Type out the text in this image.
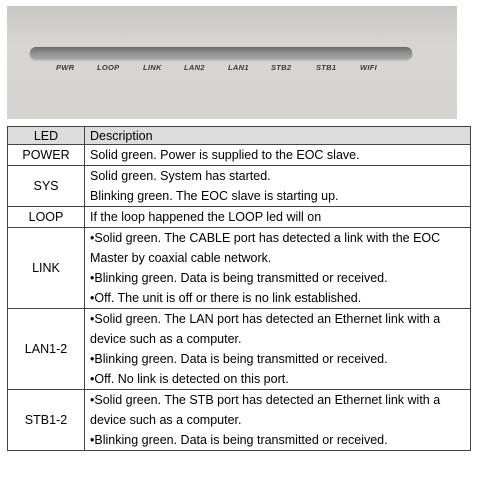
PWR	LOOP	LINK	LAN2	LAN1	STB2	STB1	WIFI
LED	Description
POWER	Solid green. Power is supplied to the EOC slave.

SYS	Solid green. System has started.
Blinking green. The EOC slave is starting up.

LOOP	If the loop happened the LOOP led will on

LINK	•Solid green. The CABLE port has detected a link with the EOC
Master by coaxial cable network.
•Blinking green. Data is being transmitted or received.
•Off. The unit is off or there is no link established.

LAN1-2	•Solid green. The LAN port has detected an Ethernet link with a
device such as a computer.
•Blinking green. Data is being transmitted or received.
•Off. No link is detected on this port.

STB1-2	•Solid green. The STB port has detected an Ethernet link with a
device such as a computer.
•Blinking green. Data is being transmitted or received.
